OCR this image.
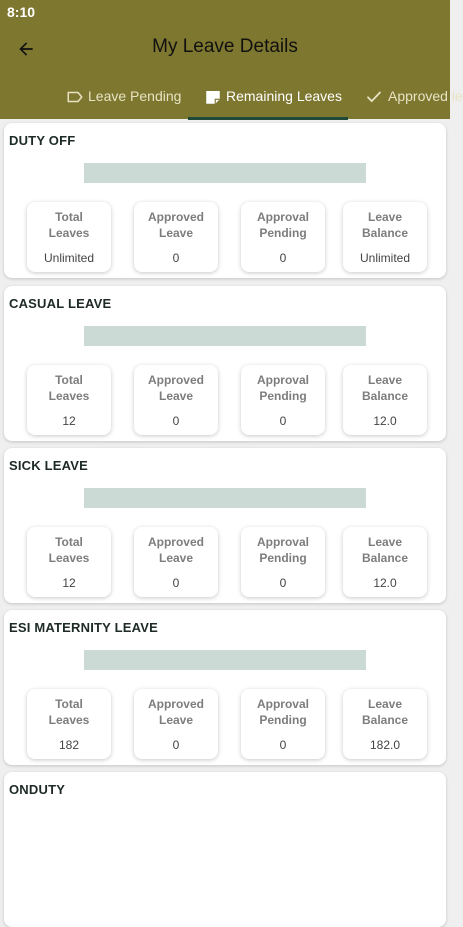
8:10
My Leave Details
Leave Pending	Remaining Leaves	Approved le
DUTY OFF
Total
Leaves
Unlimited
Approved
Leave
0
Approval
Pending
0
Leave
Balance
Unlimited
CASUAL LEAVE
Total
Leaves
12
Approved
Leave
0
Approval
Pending
0
Leave
Balance
12.0
SICK LEAVE
Total
Leaves
12
Approved
Leave
0
Approval
Pending
0
Leave
Balance
12.0
ESI MATERNITY LEAVE
Total
Leaves
182
Approved
Leave
0
Approval
Pending
0
Leave
Balance
182.0
ONDUTY
